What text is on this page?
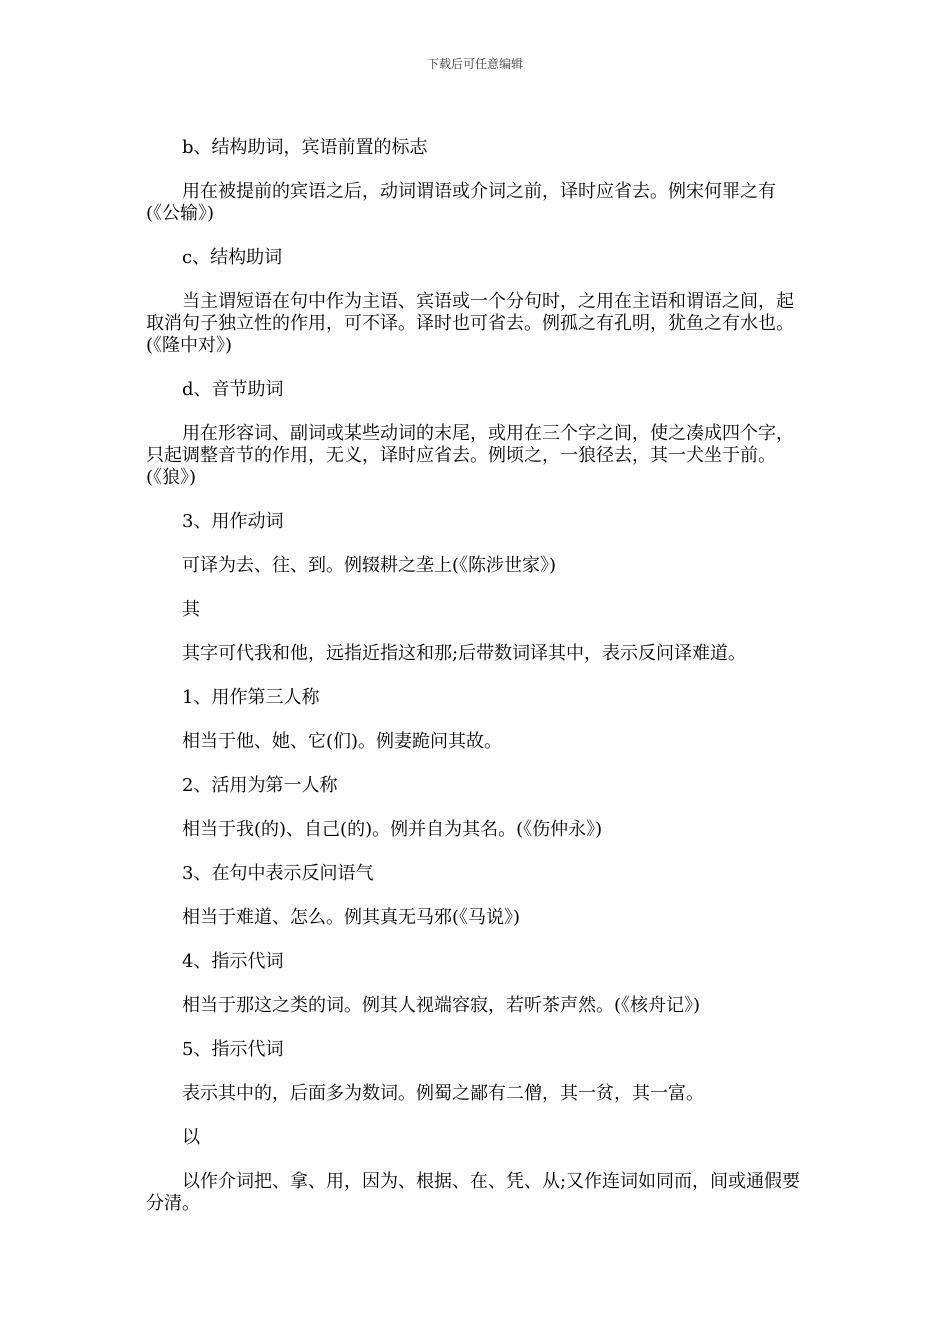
下载后可任意编辑

b、结构助词，宾语前置的标志

用在被提前的宾语之后，动词谓语或介词之前，译时应省去。例宋何罪之有(《公输》)

c、结构助词

当主谓短语在句中作为主语、宾语或一个分句时，之用在主语和谓语之间，起取消句子独立性的作用，可不译。译时也可省去。例孤之有孔明，犹鱼之有水也。(《隆中对》)

d、音节助词

用在形容词、副词或某些动词的末尾，或用在三个字之间，使之凑成四个字，只起调整音节的作用，无义，译时应省去。例顷之，一狼径去，其一犬坐于前。(《狼》)

3、用作动词

可译为去、往、到。例辍耕之垄上(《陈涉世家》)

其

其字可代我和他，远指近指这和那;后带数词译其中，表示反问译难道。

1、用作第三人称

相当于他、她、它(们)。例妻跪问其故。

2、活用为第一人称

相当于我(的)、自己(的)。例并自为其名。(《伤仲永》)

3、在句中表示反问语气

相当于难道、怎么。例其真无马邪(《马说》)

4、指示代词

相当于那这之类的词。例其人视端容寂，若听茶声然。(《核舟记》)

5、指示代词

表示其中的，后面多为数词。例蜀之鄙有二僧，其一贫，其一富。

以

以作介词把、拿、用，因为、根据、在、凭、从;又作连词如同而，间或通假要分清。
